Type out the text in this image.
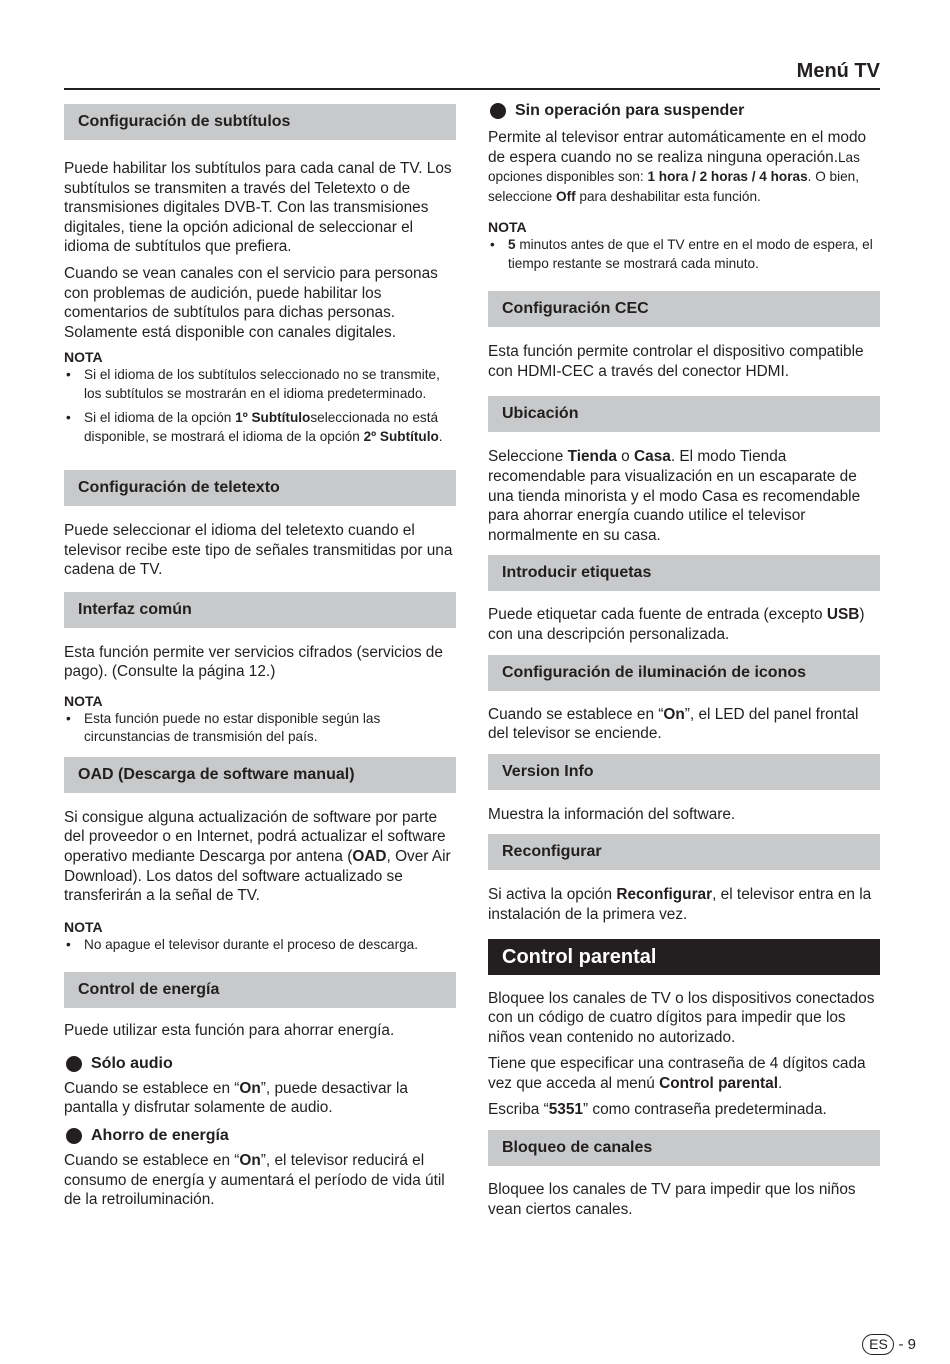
Menú TV
Configuración de subtítulos

Puede habilitar los subtítulos para cada canal de TV. Los subtítulos se transmiten a través del Teletexto o de transmisiones digitales DVB-T. Con las transmisiones digitales, tiene la opción adicional de seleccionar el idioma de subtítulos que prefiera.

Cuando se vean canales con el servicio para personas con problemas de audición, puede habilitar los comentarios de subtítulos para dichas personas. Solamente está disponible con canales digitales.

NOTA
• Si el idioma de los subtítulos seleccionado no se transmite, los subtítulos se mostrarán en el idioma predeterminado.
• Si el idioma de la opción 1º Subtítuloseleccionada no está disponible, se mostrará el idioma de la opción 2º Subtítulo.
Configuración de teletexto

Puede seleccionar el idioma del teletexto cuando el televisor recibe este tipo de señales transmitidas por una cadena de TV.

Interfaz común

Esta función permite ver servicios cifrados (servicios de pago). (Consulte la página 12.)

NOTA
• Esta función puede no estar disponible según las circunstancias de transmisión del país.
OAD (Descarga de software manual)

Si consigue alguna actualización de software por parte del proveedor o en Internet, podrá actualizar el software operativo mediante Descarga por antena (OAD, Over Air Download). Los datos del software actualizado se transferirán a la señal de TV.

NOTA
• No apague el televisor durante el proceso de descarga.
Control de energía

Puede utilizar esta función para ahorrar energía.

Sólo audio

Cuando se establece en “On”, puede desactivar la pantalla y disfrutar solamente de audio.

Ahorro de energía

Cuando se establece en “On”, el televisor reducirá el consumo de energía y aumentará el período de vida útil de la retroiluminación.

Sin operación para suspender

Permite al televisor entrar automáticamente en el modo de espera cuando no se realiza ninguna operación.Las opciones disponibles son: 1 hora / 2 horas / 4 horas. O bien, seleccione Off para deshabilitar esta función.

NOTA
• 5 minutos antes de que el TV entre en el modo de espera, el tiempo restante se mostrará cada minuto.
Configuración CEC

Esta función permite controlar el dispositivo compatible con HDMI-CEC a través del conector HDMI.

Ubicación

Seleccione Tienda o Casa. El modo Tienda recomendable para visualización en un escaparate de una tienda minorista y el modo Casa es recomendable para ahorrar energía cuando utilice el televisor normalmente en su casa.

Introducir etiquetas

Puede etiquetar cada fuente de entrada (excepto USB) con una descripción personalizada.

Configuración de iluminación de iconos

Cuando se establece en “On”, el LED del panel frontal del televisor se enciende.

Version Info

Muestra la información del software.

Reconfigurar

Si activa la opción Reconfigurar, el televisor entra en la instalación de la primera vez.

Control parental

Bloquee los canales de TV o los dispositivos conectados con un código de cuatro dígitos para impedir que los niños vean contenido no autorizado.

Tiene que especificar una contraseña de 4 dígitos cada vez que acceda al menú Control parental.

Escriba “5351” como contraseña predeterminada.

Bloqueo de canales

Bloquee los canales de TV para impedir que los niños vean ciertos canales.

ES - 9
